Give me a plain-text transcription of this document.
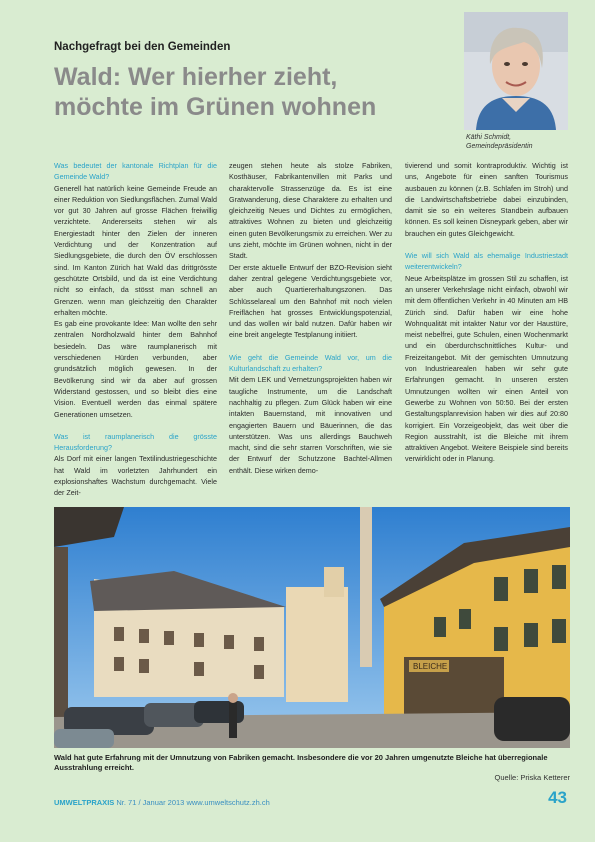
Nachgefragt bei den Gemeinden
Wald: Wer hierher zieht,
möchte im Grünen wohnen
Käthi Schmidt,
Gemeindepräsidentin

Was bedeutet der kantonale Richtplan für die Gemeinde Wald?

Generell hat natürlich keine Gemeinde Freude an einer Reduktion von Siedlungsflächen. Zumal Wald vor gut 30 Jahren auf grosse Flächen freiwillig verzichtete. Andererseits stehen wir als Energiestadt hinter den Zielen der inneren Verdichtung und der Konzentration auf Siedlungsgebiete, die durch den ÖV erschlossen sind. Im Kanton Zürich hat Wald das drittgrösste geschützte Ortsbild, und da ist eine Verdichtung nicht so einfach, da stösst man schnell an Grenzen. wenn man gleichzeitig den Charakter erhalten möchte.

Es gab eine provokante Idee: Man wollte den sehr zentralen Nordholzwald hinter dem Bahnhof besiedeln. Das wäre raumplanerisch mit verschiedenen Hürden verbunden, aber grundsätzlich möglich gewesen. In der Bevölkerung sind wir da aber auf grossen Widerstand gestossen, und so bleibt dies eine Vision. Eventuell werden das einmal spätere Generationen umsetzen.

Was ist raumplanerisch die grösste Herausforderung?

Als Dorf mit einer langen Textilindustriegeschichte hat Wald im vorletzten Jahrhundert ein explosionshaftes Wachstum durchgemacht. Viele der Zeit-

zeugen stehen heute als stolze Fabriken, Kosthäuser, Fabrikantenvillen mit Parks und charaktervolle Strassenzüge da. Es ist eine Gratwanderung, diese Charaktere zu erhalten und gleichzeitig Neues und Dichtes zu ermöglichen, attraktives Wohnen zu bieten und gleichzeitig einen guten Bevölkerungsmix zu erreichen. Wer zu uns zieht, möchte im Grünen wohnen, nicht in der Stadt.

Der erste aktuelle Entwurf der BZO-Revision sieht daher zentral gelegene Verdichtungsgebiete vor, aber auch Quartiererhaltungszonen. Das Schlüsselareal um den Bahnhof mit noch vielen Freiflächen hat grosses Entwicklungspotenzial, und das wollen wir bald nutzen. Dafür haben wir eine breit angelegte Testplanung initiiert.

Wie geht die Gemeinde Wald vor, um die Kulturlandschaft zu erhalten?

Mit dem LEK und Vernetzungsprojekten haben wir taugliche Instrumente, um die Landschaft nachhaltig zu pflegen. Zum Glück haben wir eine intakten Bauernstand, mit innovativen und engagierten Bauern und Bäuerinnen, die das unterstützen. Was uns allerdings Bauchweh macht, sind die sehr starren Vorschriften, wie sie der Entwurf der Schutzzone Bachtel-Allmen enthält. Diese wirken demo-

tivierend und somit kontraproduktiv. Wichtig ist uns, Angebote für einen sanften Tourismus ausbauen zu können (z.B. Schlafen im Stroh) und die Landwirtschaftsbetriebe dabei einzubinden, damit sie so ein weiteres Standbein aufbauen können. Es soll keinen Disneypark geben, aber wir brauchen ein gutes Gleichgewicht.

Wie will sich Wald als ehemalige Industriestadt weiterentwickeln?

Neue Arbeitsplätze im grossen Stil zu schaffen, ist an unserer Verkehrslage nicht einfach, obwohl wir mit dem öffentlichen Verkehr in 40 Minuten am HB Zürich sind. Dafür haben wir eine hohe Wohnqualität mit intakter Natur vor der Haustüre, meist nebelfrei, gute Schulen, einen Wochenmarkt und ein überdurchschnittliches Kultur- und Freizeitangebot. Mit der gemischten Umnutzung von Industriearealen haben wir sehr gute Erfahrungen gemacht. In unseren ersten Umnutzungen wollten wir einen Anteil von Gewerbe zu Wohnen von 50:50. Bei der ersten Gestaltungsplanrevision haben wir dies auf 20:80 korrigiert. Ein Vorzeigeobjekt, das weit über die Region ausstrahlt, ist die Bleiche mit ihrem attraktiven Angebot. Weitere Beispiele sind bereits verwirklicht oder in Planung.

BLEICHE
Wald hat gute Erfahrung mit der Umnutzung von Fabriken gemacht. Insbesondere die vor 20 Jahren umgenutzte Bleiche hat überregionale Ausstrahlung erreicht.
Quelle: Priska Ketterer
UMWELTPRAXIS Nr. 71 / Januar 2013 www.umweltschutz.zh.ch	43
